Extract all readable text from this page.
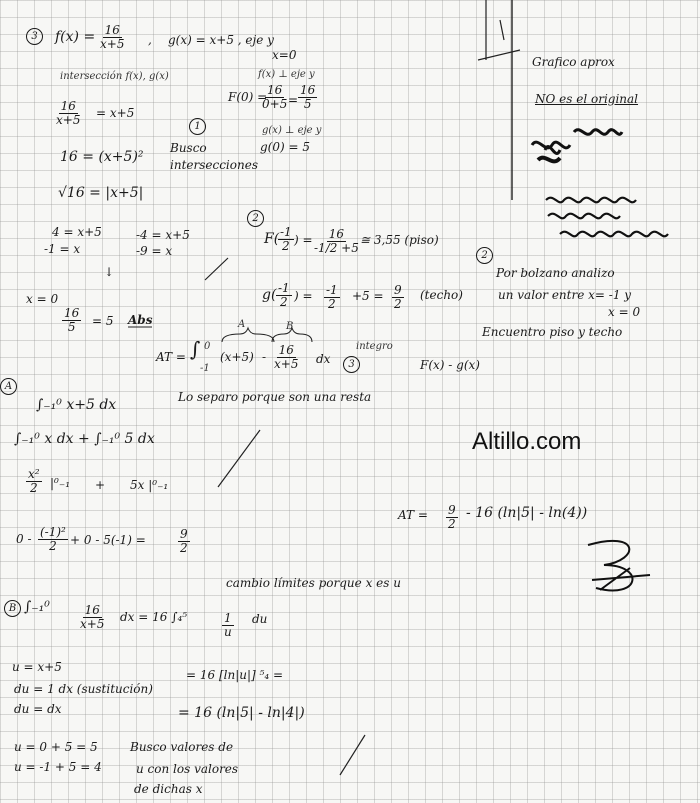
3	$f(x) = \frac{16}{x+5}$ , g(x) = x+5 , eje y
x=0
intersección f(x), g(x)	f(x) ⊥ eje y
F(0) =
$\frac{16}{0+5}$
= $\frac{16}{5}$
g(x) ⊥ eje y
g(0) = 5
$\frac{16}{x+5} = x+5$
1
Busco intersecciones
16 = (x+5)²
√16 = |x+5|
4 = x+5
-1 = x
-4 = x+5
-9 = x
↓
x = 0
$\frac{16}{5} = 5$ Abs
2
F(
$\frac{-1}{2}$ ) = $\frac{16}{-1/2 +5}$ ≅ 3,55 (piso)
$g( \frac{-1}{2}$ ) = $\frac{-1}{2} +5 = \frac{9}{2}$ (techo)
Grafico aprox
NO es el original
2
Por bolzano analizo
un valor entre x= -1 y
x = 0
Encuentro piso y techo
AT = ∫ 0
-1
A	B
$(x+5) - \frac{16}{x+5}$ dx
integro
3	F(x) - g(x)
Lo separo porque son una resta
A
∫₋₁⁰ x+5 dx
∫₋₁⁰ x dx + ∫₋₁⁰ 5 dx
$\frac{\text{x²}}{2} |^0_{-1} + 5x$ |⁰₋₁
$0 - \frac{\text{(-1)²}}{2} + 0 - 5(-1)$ =	$\frac{9}{2}$
Altillo.com
AT = $\frac{9}{2} - 16$ (ln|5| - ln(4))
cambio límites porque x es u
B $\int_{-1}^0 \frac{16}{x+5}$ dx = 16 ∫₄⁵	$\frac{1}{u}$ du
u = x+5
du = 1 dx (sustitución)
du = dx
= 16 [ln|u|] ⁵₄ =
= 16 (ln|5| - ln|4|)
u = 0 + 5 = 5
u = -1 + 5 = 4
Busco valores de
u con los valores
de dichas x
